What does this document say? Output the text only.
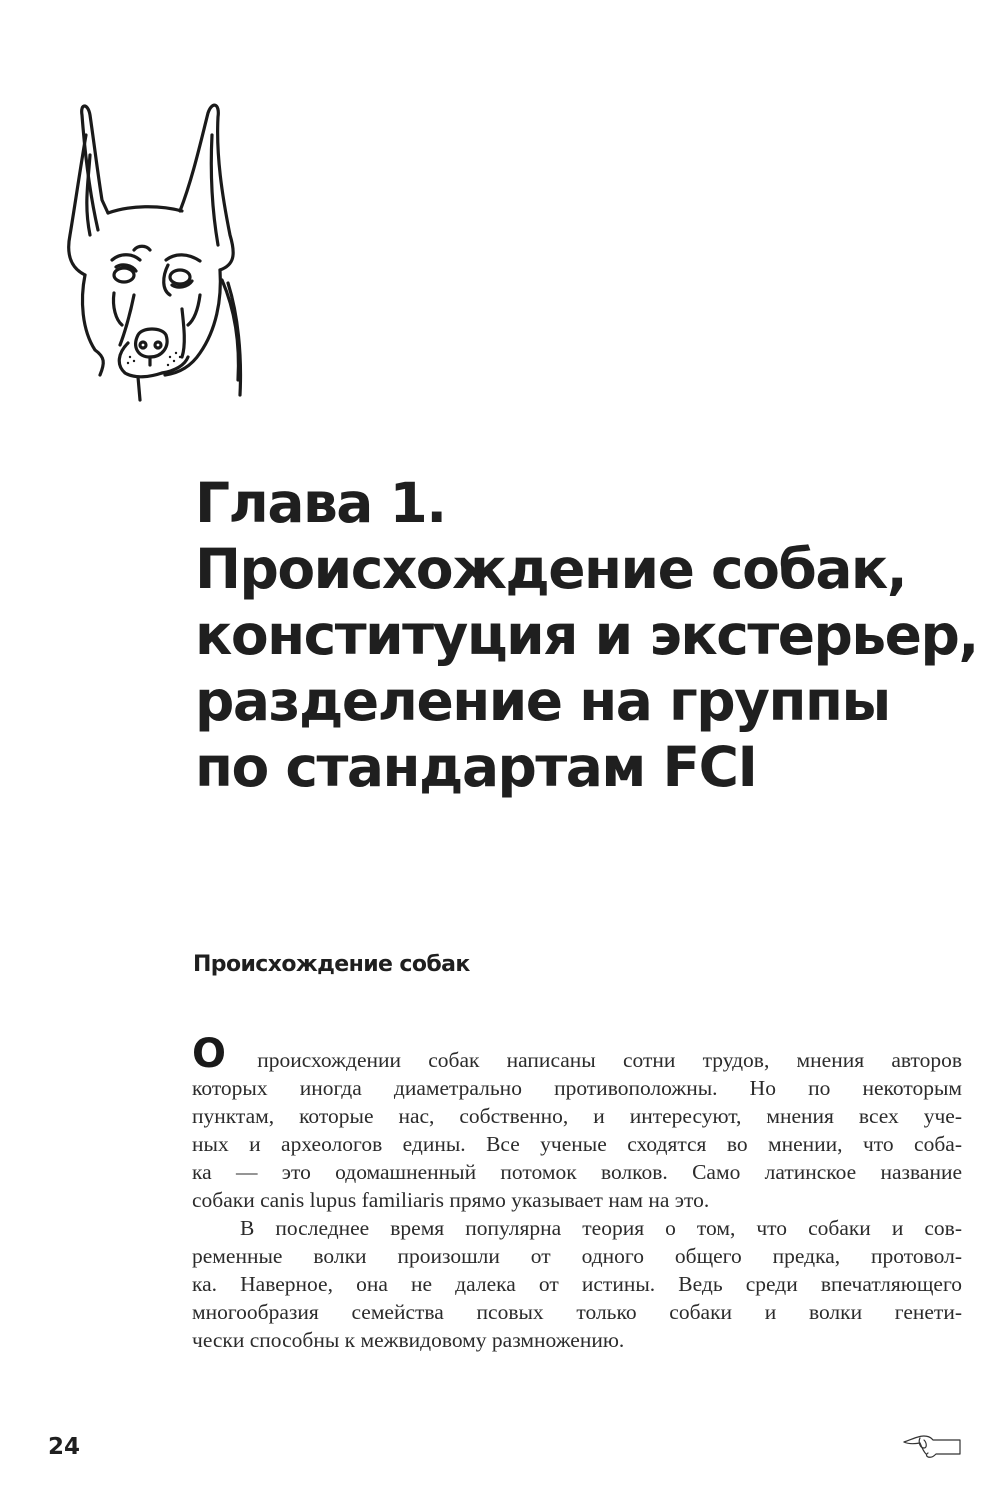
Глава 1.
Происхождение собак,
конституция и экстерьер,
разделение на группы
по стандартам FCI
Происхождение собак
О происхождении собак написаны сотни трудов, мнения авторов
которых иногда диаметрально противоположны. Но по некоторым
пунктам, которые нас, собственно, и интересуют, мнения всех уче-
ных и археологов едины. Все ученые сходятся во мнении, что соба-
ка — это одомашненный потомок волков. Само латинское название
собаки canis lupus familiaris прямо указывает нам на это.
В последнее время популярна теория о том, что собаки и сов-
ременные волки произошли от одного общего предка, протовол-
ка. Наверное, она не далека от истины. Ведь среди впечатляющего
многообразия семейства псовых только собаки и волки генети-
чески способны к межвидовому размножению.
24
